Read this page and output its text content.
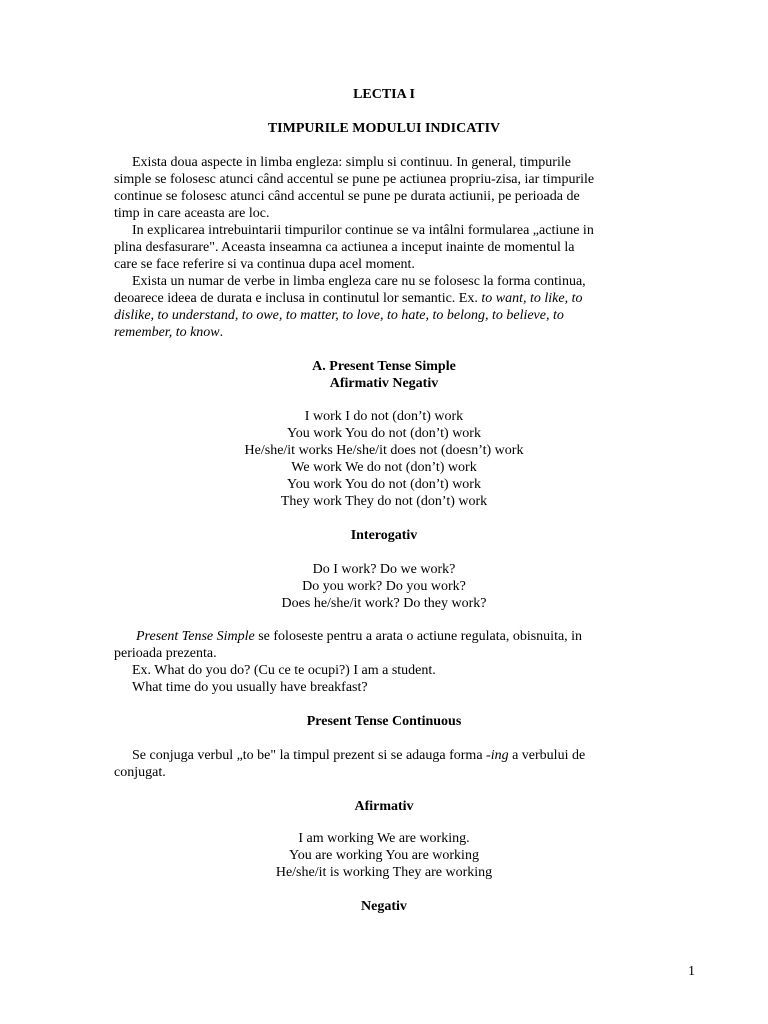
LECTIA I
TIMPURILE MODULUI INDICATIV
Exista doua aspecte in limba engleza: simplu si continuu. In general, timpurile
simple se folosesc atunci când accentul se pune pe actiunea propriu-zisa, iar timpurile
continue se folosesc atunci când accentul se pune pe durata actiunii, pe perioada de
timp in care aceasta are loc.
In explicarea intrebuintarii timpurilor continue se va intâlni formularea „actiune in
plina desfasurare". Aceasta inseamna ca actiunea a inceput inainte de momentul la
care se face referire si va continua dupa acel moment.
Exista un numar de verbe in limba engleza care nu se folosesc la forma continua,
deoarece ideea de durata e inclusa in continutul lor semantic. Ex. to want, to like, to
dislike, to understand, to owe, to matter, to love, to hate, to belong, to believe, to
remember, to know.
A. Present Tense Simple
Afirmativ Negativ
I work I do not (don’t) work
You work You do not (don’t) work
He/she/it works He/she/it does not (doesn’t) work
We work We do not (don’t) work
You work You do not (don’t) work
They work They do not (don’t) work
Interogativ
Do I work? Do we work?
Do you work? Do you work?
Does he/she/it work? Do they work?
Present Tense Simple se foloseste pentru a arata o actiune regulata, obisnuita, in
perioada prezenta.
Ex. What do you do? (Cu ce te ocupi?) I am a student.
What time do you usually have breakfast?
Present Tense Continuous
Se conjuga verbul „to be" la timpul prezent si se adauga forma -ing a verbului de
conjugat.
Afirmativ
I am working We are working.
You are working You are working
He/she/it is working They are working
Negativ
1
